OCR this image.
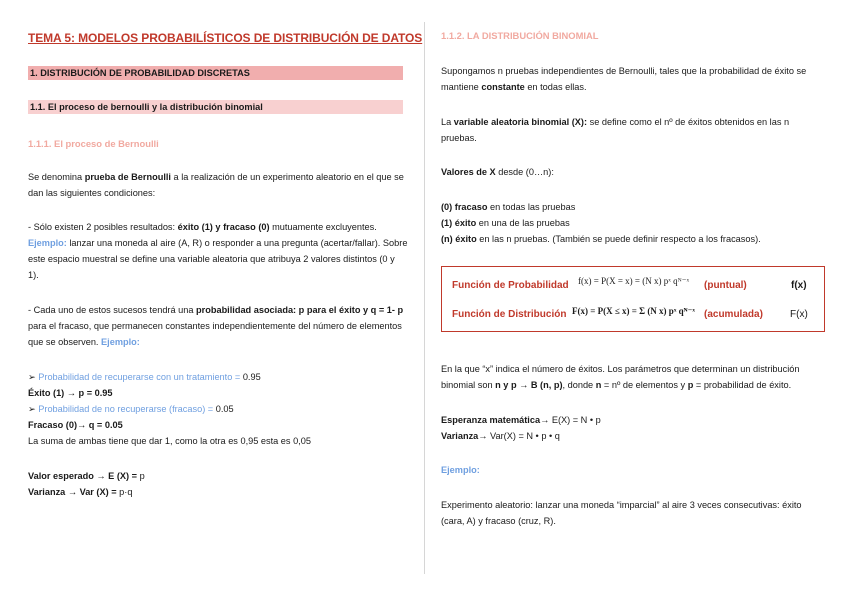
TEMA 5: MODELOS PROBABILÍSTICOS DE DISTRIBUCIÓN DE DATOS
1. DISTRIBUCIÓN DE PROBABILIDAD DISCRETAS
1.1. El proceso de bernoulli y la distribución binomial
1.1.1. El proceso de Bernoulli
Se denomina prueba de Bernoulli a la realización de un experimento aleatorio en el que se
dan las siguientes condiciones:
- Sólo existen 2 posibles resultados: éxito (1) y fracaso (0) mutuamente excluyentes.
Ejemplo: lanzar una moneda al aire (A, R) o responder a una pregunta (acertar/fallar). Sobre
este espacio muestral se define una variable aleatoria que atribuya 2 valores distintos (0 y
1).
- Cada uno de estos sucesos tendrá una probabilidad asociada: p para el éxito y q = 1- p
para el fracaso, que permanecen constantes independientemente del número de elementos
que se observen. Ejemplo:
➢ Probabilidad de recuperarse con un tratamiento = 0.95
Éxito (1) → p = 0.95
➢ Probabilidad de no recuperarse (fracaso) = 0.05
Fracaso (0)→ q = 0.05
La suma de ambas tiene que dar 1, como la otra es 0,95 esta es 0,05
Valor esperado → E (X) = p
Varianza → Var (X) = p·q
1.1.2. LA DISTRIBUCIÓN BINOMIAL
Supongamos n pruebas independientes de Bernoulli, tales que la probabilidad de éxito se
mantiene constante en todas ellas.
La variable aleatoria binomial (X): se define como el nº de éxitos obtenidos en las n
pruebas.
Valores de X desde (0…n):
(0) fracaso en todas las pruebas
(1) éxito en una de las pruebas
(n) éxito en las n pruebas. (También se puede definir respecto a los fracasos).
Función de Probabilidad f(x) = P(X = x) = (N x) pˣ qᴺ⁻ˣ (puntual)	f(x)
Función de Distribución F(x) = P(X ≤ x) = Σ (N x) pˣ qᴺ⁻ˣ (acumulada)	F(x)
En la que “x” indica el número de éxitos. Los parámetros que determinan un distribución
binomial son n y p → B (n, p), donde n = nº de elementos y p = probabilidad de éxito.
Esperanza matemática→ E(X) = N • p
Varianza→ Var(X) = N • p • q
Ejemplo:
Experimento aleatorio: lanzar una moneda “imparcial” al aire 3 veces consecutivas: éxito
(cara, A) y fracaso (cruz, R).
